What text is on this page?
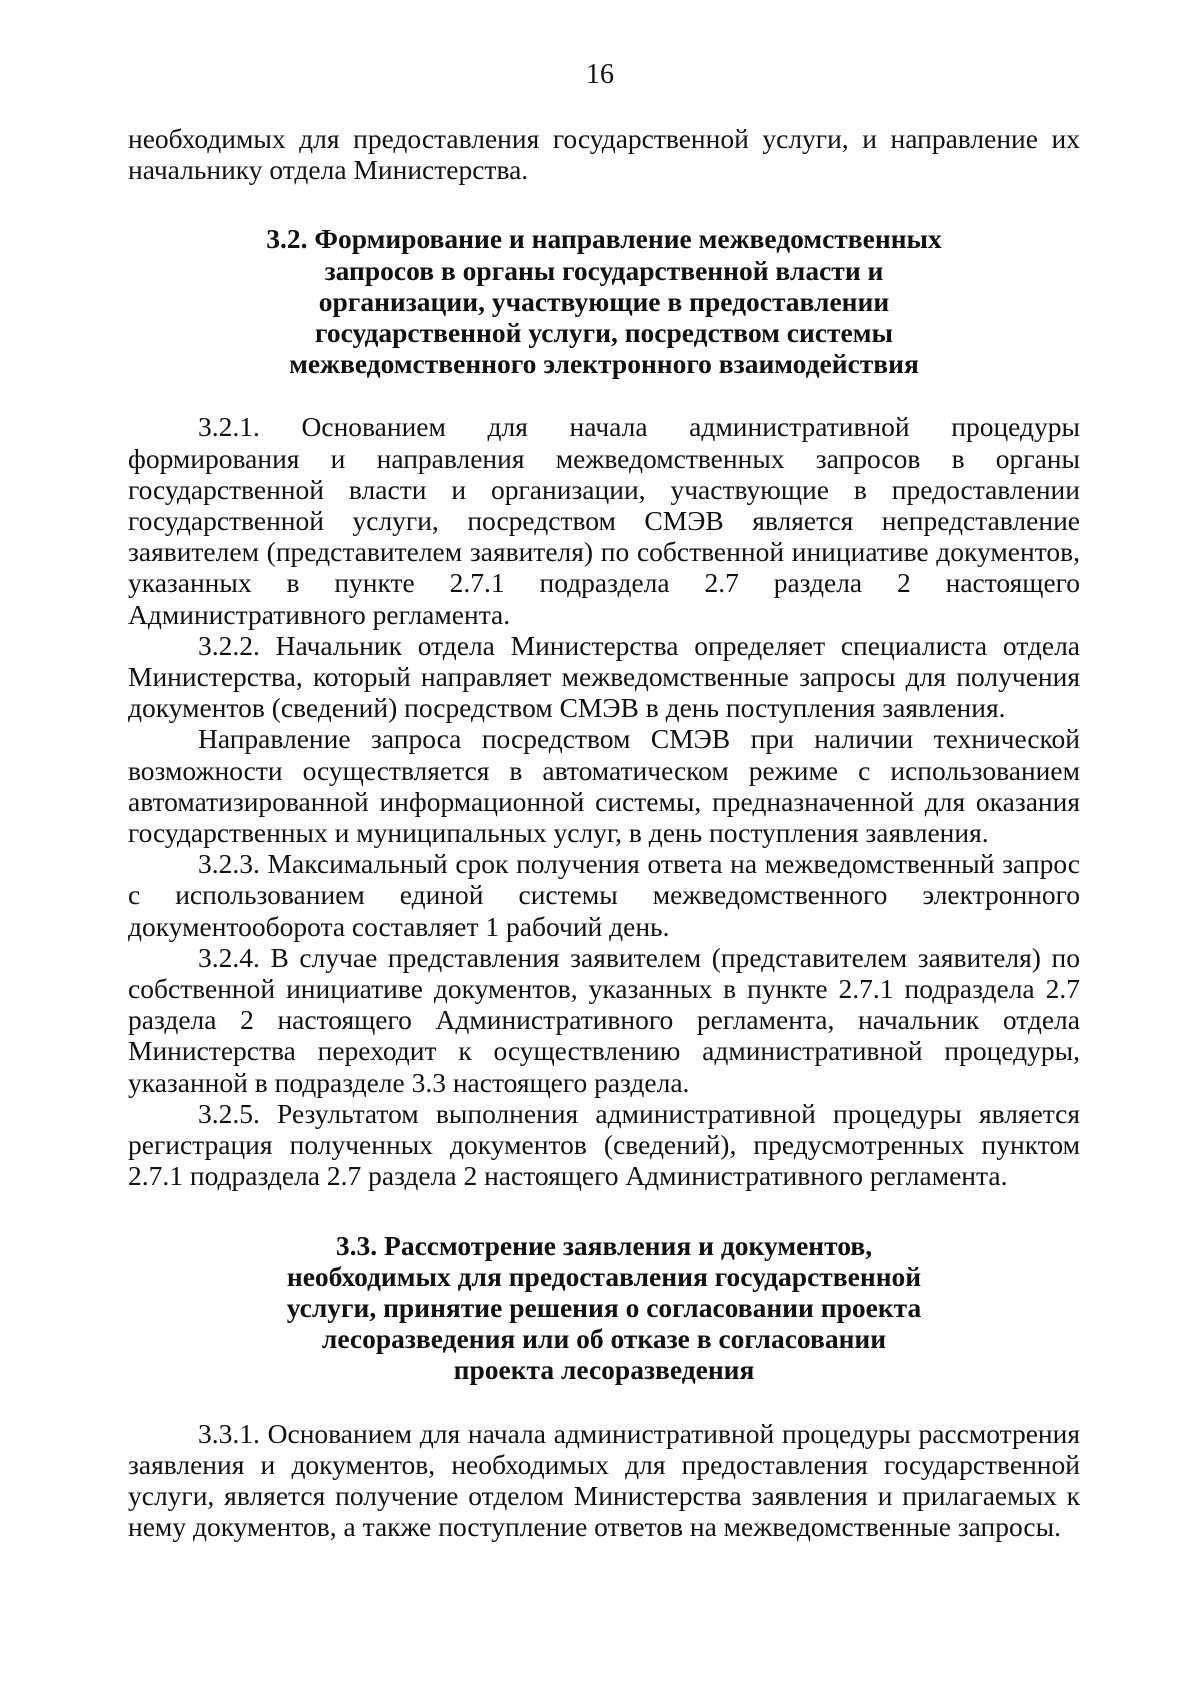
16

необходимых для предоставления государственной услуги, и направление их начальнику отдела Министерства.

3.2. Формирование и направление межведомственных
запросов в органы государственной власти и
организации, участвующие в предоставлении
государственной услуги, посредством системы
межведомственного электронного взаимодействия

3.2.1. Основанием для начала административной процедуры формирования и направления межведомственных запросов в органы государственной власти и организации, участвующие в предоставлении государственной услуги, посредством СМЭВ является непредставление заявителем (представителем заявителя) по собственной инициативе документов, указанных в пункте 2.7.1 подраздела 2.7 раздела 2 настоящего Административного регламента.

3.2.2. Начальник отдела Министерства определяет специалиста отдела Министерства, который направляет межведомственные запросы для получения документов (сведений) посредством СМЭВ в день поступления заявления.

Направление запроса посредством СМЭВ при наличии технической возможности осуществляется в автоматическом режиме с использованием автоматизированной информационной системы, предназначенной для оказания государственных и муниципальных услуг, в день поступления заявления.

3.2.3. Максимальный срок получения ответа на межведомственный запрос с использованием единой системы межведомственного электронного документооборота составляет 1 рабочий день.

3.2.4. В случае представления заявителем (представителем заявителя) по собственной инициативе документов, указанных в пункте 2.7.1 подраздела 2.7 раздела 2 настоящего Административного регламента, начальник отдела Министерства переходит к осуществлению административной процедуры, указанной в подразделе 3.3 настоящего раздела.

3.2.5. Результатом выполнения административной процедуры является регистрация полученных документов (сведений), предусмотренных пунктом 2.7.1 подраздела 2.7 раздела 2 настоящего Административного регламента.

3.3. Рассмотрение заявления и документов,
необходимых для предоставления государственной
услуги, принятие решения о согласовании проекта
лесоразведения или об отказе в согласовании
проекта лесоразведения

3.3.1. Основанием для начала административной процедуры рассмотрения заявления и документов, необходимых для предоставления государственной услуги, является получение отделом Министерства заявления и прилагаемых к нему документов, а также поступление ответов на межведомственные запросы.
